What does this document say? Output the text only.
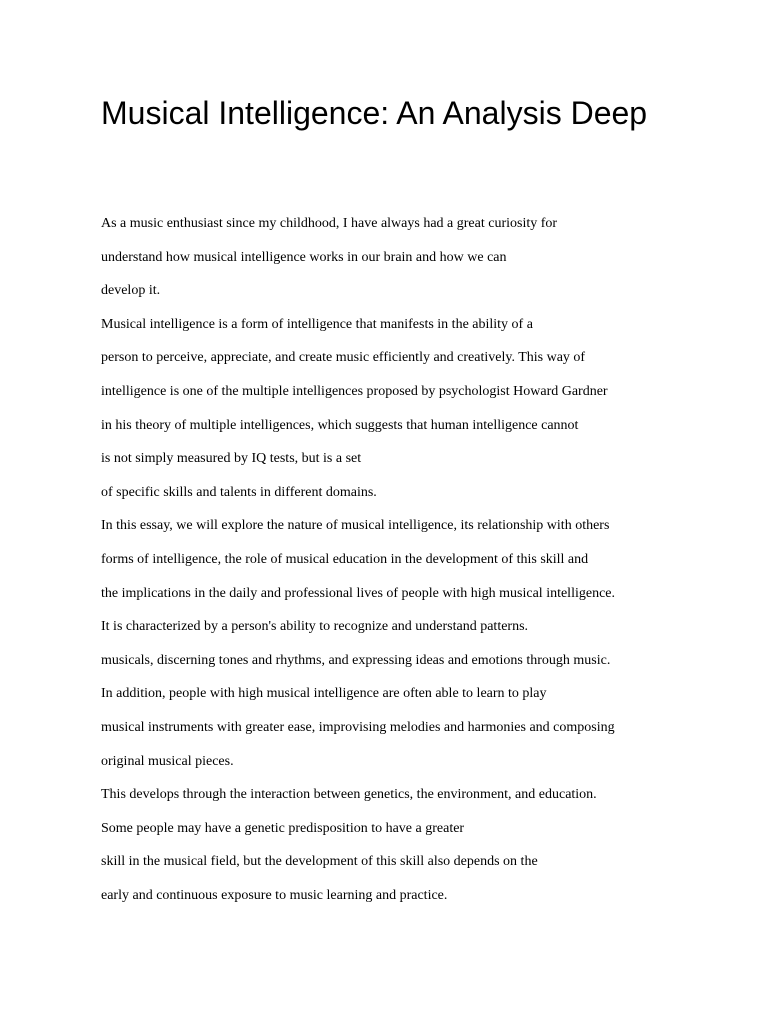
Musical Intelligence: An Analysis Deep
As a music enthusiast since my childhood, I have always had a great curiosity for
understand how musical intelligence works in our brain and how we can
develop it.
Musical intelligence is a form of intelligence that manifests in the ability of a
person to perceive, appreciate, and create music efficiently and creatively. This way of
intelligence is one of the multiple intelligences proposed by psychologist Howard Gardner
in his theory of multiple intelligences, which suggests that human intelligence cannot
is not simply measured by IQ tests, but is a set
of specific skills and talents in different domains.
In this essay, we will explore the nature of musical intelligence, its relationship with others
forms of intelligence, the role of musical education in the development of this skill and
the implications in the daily and professional lives of people with high musical intelligence.
It is characterized by a person's ability to recognize and understand patterns.
musicals, discerning tones and rhythms, and expressing ideas and emotions through music.
In addition, people with high musical intelligence are often able to learn to play
musical instruments with greater ease, improvising melodies and harmonies and composing
original musical pieces.
This develops through the interaction between genetics, the environment, and education.
Some people may have a genetic predisposition to have a greater
skill in the musical field, but the development of this skill also depends on the
early and continuous exposure to music learning and practice.
